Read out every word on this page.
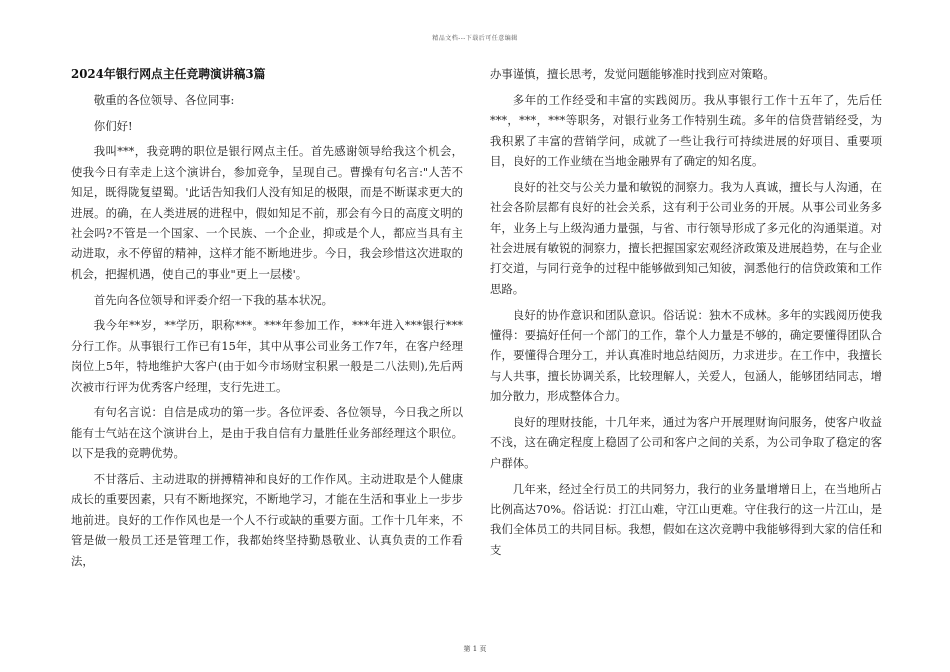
精品文档---下载后可任意编辑
2024年银行网点主任竞聘演讲稿3篇

敬重的各位领导、各位同事:

你们好!

我叫***，我竞聘的职位是银行网点主任。首先感谢领导给我这个机会，使我今日有幸走上这个演讲台，参加竞争，呈现自己。曹操有句名言:"人苦不知足，既得陇复望蜀。'此话告知我们人没有知足的极限，而是不断谋求更大的进展。的确，在人类进展的进程中，假如知足不前，那会有今日的高度文明的社会吗?不管是一个国家、一个民族、一个企业，抑或是个人，都应当具有主动进取，永不停留的精神，这样才能不断地进步。今日，我会珍惜这次进取的机会，把握机遇，使自己的事业"更上一层楼'。

首先向各位领导和评委介绍一下我的基本状况。

我今年**岁，**学历，职称***。***年参加工作，***年进入***银行***分行工作。从事银行工作已有15年，其中从事公司业务工作7年，在客户经理岗位上5年，特地维护大客户(由于如今市场财宝积累一般是二八法则),先后两次被市行评为优秀客户经理，支行先进工。

有句名言说：自信是成功的第一步。各位评委、各位领导，今日我之所以能有士气站在这个演讲台上，是由于我自信有力量胜任业务部经理这个职位。以下是我的竞聘优势。

不甘落后、主动进取的拼搏精神和良好的工作作风。主动进取是个人健康成长的重要因素，只有不断地探究，不断地学习，才能在生活和事业上一步步地前进。良好的工作作风也是一个人不行或缺的重要方面。工作十几年来，不管是做一般员工还是管理工作，我都始终坚持勤恳敬业、认真负责的工作看法，

办事谨慎，擅长思考，发觉问题能够准时找到应对策略。

多年的工作经受和丰富的实践阅历。我从事银行工作十五年了，先后任***，***，***等职务，对银行业务工作特别生疏。多年的信贷营销经受，为我积累了丰富的营销学问，成就了一些让我行可持续进展的好项目、重要项目，良好的工作业绩在当地金融界有了确定的知名度。

良好的社交与公关力量和敏锐的洞察力。我为人真诚，擅长与人沟通，在社会各阶层都有良好的社会关系，这有利于公司业务的开展。从事公司业务多年，业务上与上级沟通力量强，与省、市行领导形成了多元化的沟通渠道。对社会进展有敏锐的洞察力，擅长把握国家宏观经济政策及进展趋势，在与企业打交道，与同行竞争的过程中能够做到知己知彼，洞悉他行的信贷政策和工作思路。

良好的协作意识和团队意识。俗话说：独木不成林。多年的实践阅历使我懂得：要搞好任何一个部门的工作，靠个人力量是不够的，确定要懂得团队合作，要懂得合理分工，并认真准时地总结阅历，力求进步。在工作中，我擅长与人共事，擅长协调关系，比较理解人，关爱人，包涵人，能够团结同志，增加分散力，形成整体合力。

良好的理财技能，十几年来，通过为客户开展理财询问服务，使客户收益不浅，这在确定程度上稳固了公司和客户之间的关系，为公司争取了稳定的客户群体。

几年来，经过全行员工的共同努力，我行的业务量增增日上，在当地所占比例高达70%。俗话说：打江山难，守江山更难。守住我行的这一片江山，是我们全体员工的共同目标。我想，假如在这次竞聘中我能够得到大家的信任和支

第 1 页
